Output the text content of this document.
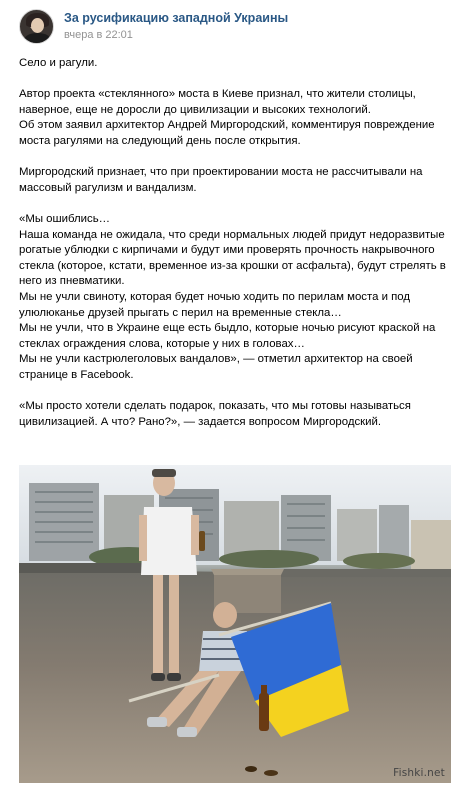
За русификацию западной Украины
вчера в 22:01

Село и рагули.

Автор проекта «стеклянного» моста в Киеве признал, что жители столицы, наверное, еще не доросли до цивилизации и высоких технологий.
Об этом заявил архитектор Андрей Миргородский, комментируя повреждение моста рагулями на следующий день после открытия.

Миргородский признает, что при проектировании моста не рассчитывали на массовый рагулизм и вандализм.

«Мы ошиблись…
Наша команда не ожидала, что среди нормальных людей придут недоразвитые рогатые ублюдки с кирпичами и будут ими проверять прочность накрывочного стекла (которое, кстати, временное из-за крошки от асфальта), будут стрелять в него из пневматики.
Мы не учли свиноту, которая будет ночью ходить по перилам моста и под улюлюканье друзей прыгать с перил на временные стекла…
Мы не учли, что в Украине еще есть быдло, которые ночью рисуют краской на стеклах ограждения слова, которые у них в головах…
Мы не учли кастрюлеголовых вандалов», — отметил архитектор на своей странице в Facebook.

«Мы просто хотели сделать подарок, показать, что мы готовы называться цивилизацией. А что? Рано?», — задается вопросом Миргородский.

Fishki.net
